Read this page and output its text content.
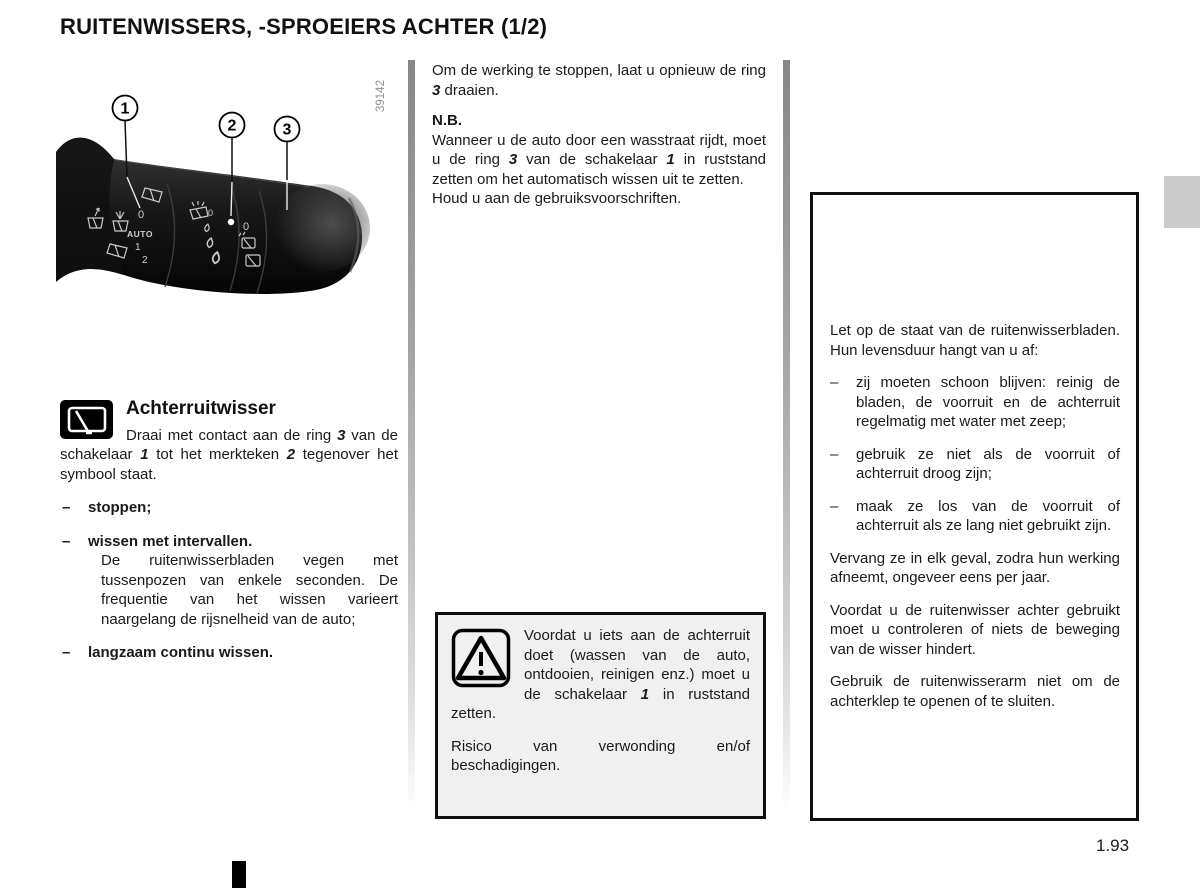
RUITENWISSERS, -SPROEIERS ACHTER (1/2)
0
AUTO
1
2
0
0
1
2	3
39142
Achterruitwisser

Draai met contact aan de ring 3 van de schakelaar 1 tot het merkteken 2 tegenover het symbool staat.

– stoppen;

– wissen met intervallen.

De ruitenwisserbladen vegen met tussenpozen van enkele seconden. De frequentie van het wissen varieert naargelang de rijsnelheid van de auto;

– langzaam continu wissen.

Om de werking te stoppen, laat u opnieuw de ring 3 draaien.

N.B.

Wanneer u de auto door een wasstraat rijdt, moet u de ring 3 van de schakelaar 1 in ruststand zetten om het automatisch wissen uit te zetten.

Houd u aan de gebruiksvoorschriften.

Voordat u iets aan de achterruit doet (wassen van de auto, ontdooien, reinigen enz.) moet u de schakelaar 1 in ruststand zetten.

Risico van verwonding en/of beschadigingen.

Let op de staat van de ruitenwisserbladen. Hun levensduur hangt van u af:

– zij moeten schoon blijven: reinig de bladen, de voorruit en de achterruit regelmatig met water met zeep;

– gebruik ze niet als de voorruit of achterruit droog zijn;

– maak ze los van de voorruit of achterruit als ze lang niet gebruikt zijn.

Vervang ze in elk geval, zodra hun werking afneemt, ongeveer eens per jaar.

Voordat u de ruitenwisser achter gebruikt moet u controleren of niets de beweging van de wisser hindert.

Gebruik de ruitenwisserarm niet om de achterklep te openen of te sluiten.

1.93
